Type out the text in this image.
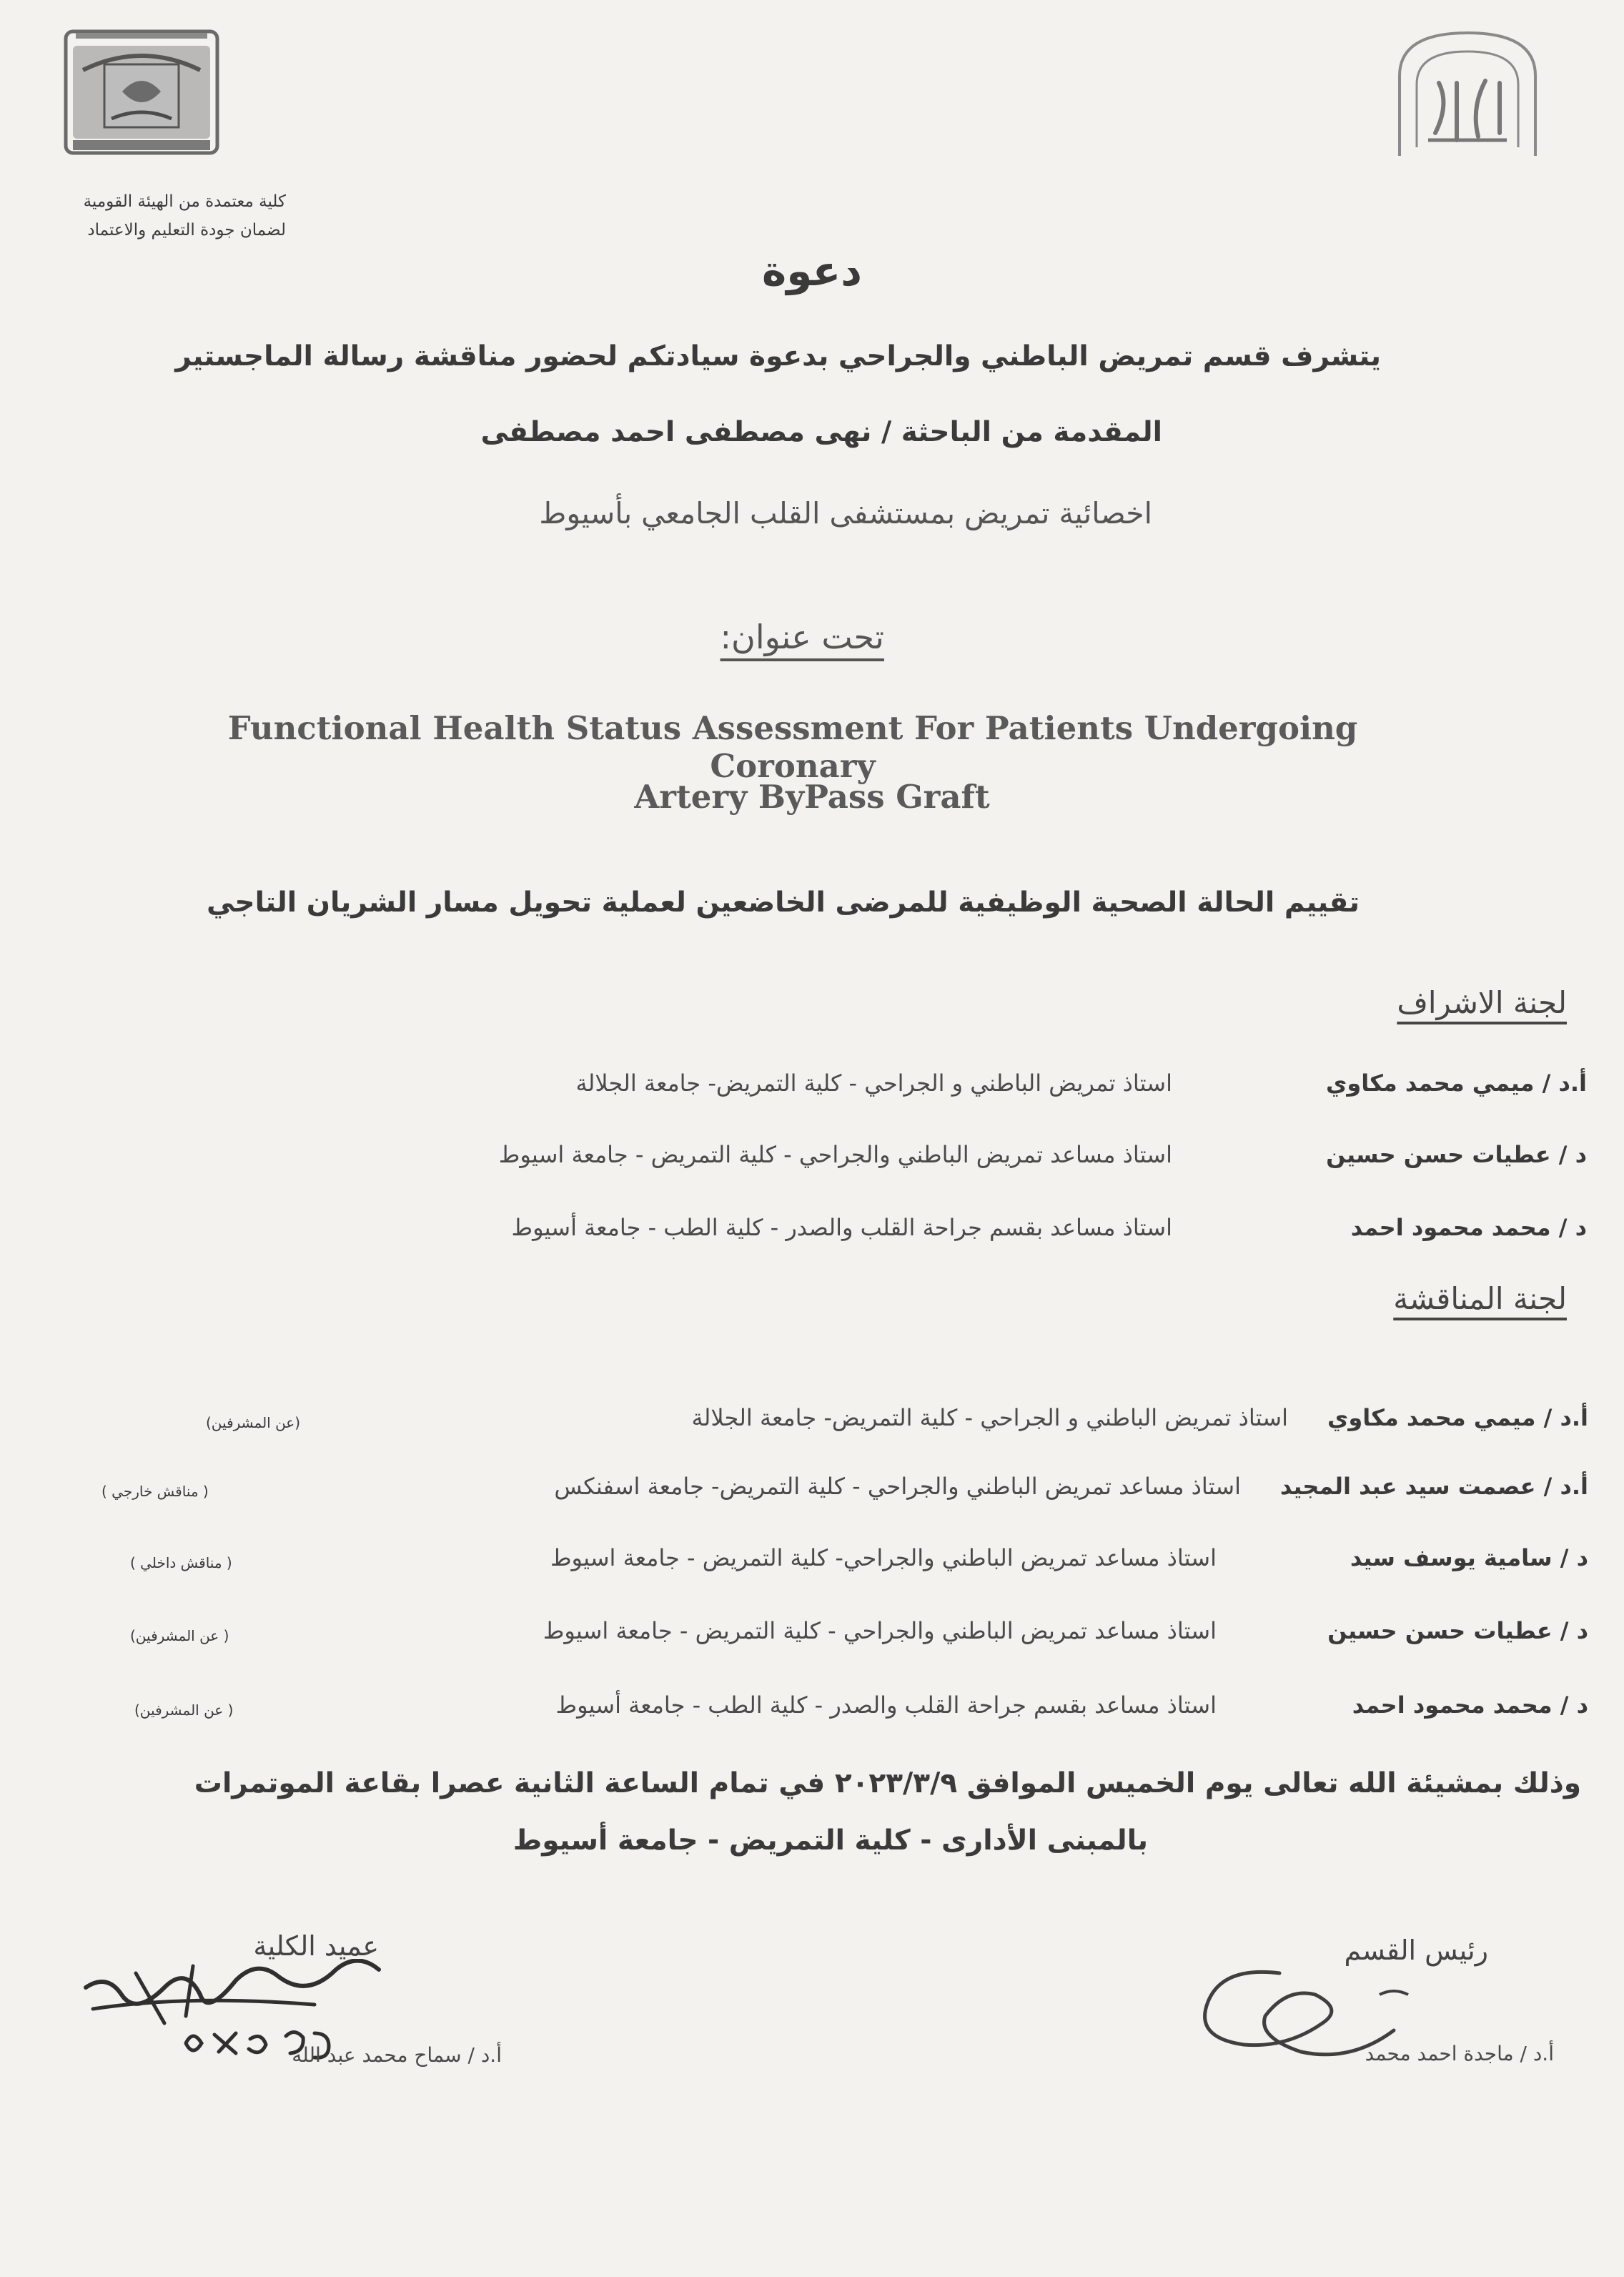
كلية معتمدة من الهيئة القومية
لضمان جودة التعليم والاعتماد
دعوة
يتشرف قسم تمريض الباطني والجراحي بدعوة سيادتكم لحضور مناقشة رسالة الماجستير
المقدمة من الباحثة / نهى مصطفى احمد مصطفى
اخصائية تمريض بمستشفى القلب الجامعي بأسيوط
تحت عنوان:
Functional Health Status Assessment For Patients Undergoing Coronary
Artery ByPass Graft
تقييم الحالة الصحية الوظيفية للمرضى الخاضعين لعملية تحويل مسار الشريان التاجي
لجنة الاشراف
أ.د / ميمي محمد مكاوي
استاذ تمريض الباطني و الجراحي - كلية التمريض- جامعة الجلالة
د / عطيات حسن حسين
استاذ مساعد تمريض الباطني والجراحي - كلية التمريض - جامعة اسيوط
د / محمد محمود احمد
استاذ مساعد بقسم جراحة القلب والصدر - كلية الطب - جامعة أسيوط
لجنة المناقشة
أ.د / ميمي محمد مكاوي
استاذ تمريض الباطني و الجراحي - كلية التمريض- جامعة الجلالة
(عن المشرفين)
أ.د / عصمت سيد عبد المجيد
استاذ مساعد تمريض الباطني والجراحي - كلية التمريض- جامعة اسفنكس
( مناقش خارجي )
د / سامية يوسف سيد
استاذ مساعد تمريض الباطني والجراحي- كلية التمريض - جامعة اسيوط
( مناقش داخلي )
د / عطيات حسن حسين
استاذ مساعد تمريض الباطني والجراحي - كلية التمريض - جامعة اسيوط
( عن المشرفين)
د / محمد محمود احمد
استاذ مساعد بقسم جراحة القلب والصدر - كلية الطب - جامعة أسيوط
( عن المشرفين)
وذلك بمشيئة الله تعالى يوم الخميس الموافق ٢٠٢٣/٣/٩ في تمام الساعة الثانية عصرا بقاعة الموتمرات
بالمبنى الأدارى - كلية التمريض - جامعة أسيوط
رئيس القسم
أ.د / ماجدة احمد محمد
عميد الكلية
أ.د / سماح محمد عبد الله
